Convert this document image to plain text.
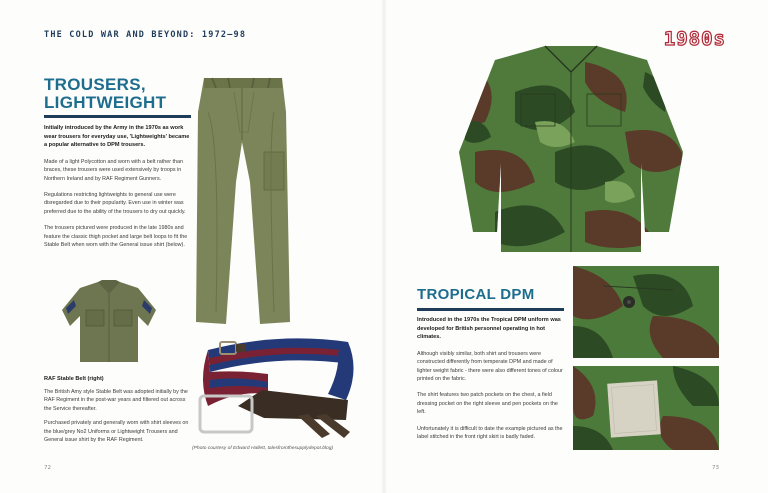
THE COLD WAR AND BEYOND: 1972–98	1980s
TROUSERS,
LIGHTWEIGHT

Initially introduced by the Army in the 1970s as work wear trousers for everyday use, 'Lightweights' became a popular alternative to DPM trousers.

Made of a light Polycotton and worn with a belt rather than braces, these trousers were used extensively by troops in Northern Ireland and by RAF Regiment Gunners.

Regulations restricting lightweights to general use were disregarded due to their popularity. Even use in winter was preferred due to the ability of the trousers to dry out quickly.

The trousers pictured were produced in the late 1980s and feature the classic thigh pocket and large belt loops to fit the Stable Belt when worn with the General issue shirt (below).

RAF Stable Belt (right)

The British Amy style Stable Belt was adopted initially by the RAF Regiment in the post-war years and filtered out across the Service thereafter.

Purchased privately and generally worn with shirt sleeves on the blue/grey No2 Uniforms or Lightweight Trousers and General issue shirt by the RAF Regiment.

(Photo courtesy of Edward Hallett, talesfromthesupplydepot.blog)
72
TROPICAL DPM

Introduced in the 1970s the Tropical DPM uniform was developed for British personnel operating in hot climates.

Although visibly similar, both shirt and trousers were constructed differently from temperate DPM and made of lighter weight fabric - there were also different tones of colour printed on the fabric.

The shirt features two patch pockets on the chest, a field dressing pocket on the right sleeve and pen pockets on the left.

Unfortunately it is difficult to date the example pictured as the label stitched in the front right skirt is badly faded.

73
